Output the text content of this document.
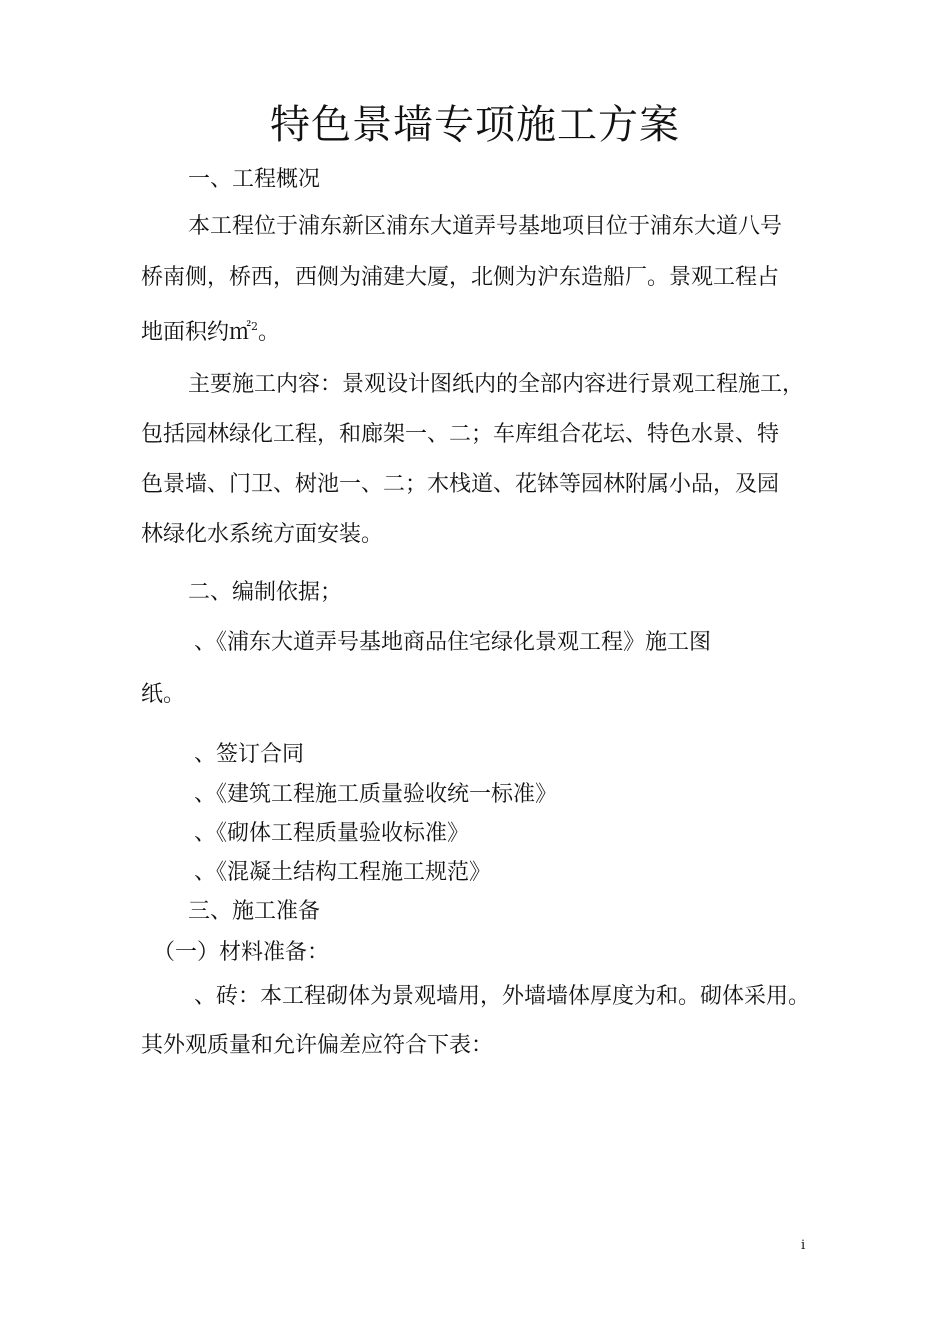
特色景墙专项施工方案
一、工程概况
本工程位于浦东新区浦东大道弄号基地项目位于浦东大道八号
桥南侧，桥西，西侧为浦建大厦，北侧为沪东造船厂。景观工程占
地面积约㎡$^2$。
主要施工内容：景观设计图纸内的全部内容进行景观工程施工，
包括园林绿化工程，和廊架一、二；车库组合花坛、特色水景、特
色景墙、门卫、树池一、二；木栈道、花钵等园林附属小品，及园
林绿化水系统方面安装。
二、编制依据；
、《浦东大道弄号基地商品住宅绿化景观工程》施工图
纸。
、签订合同
、《建筑工程施工质量验收统一标准》
、《砌体工程质量验收标准》
、《混凝土结构工程施工规范》
三、施工准备
（一）材料准备：
、砖：本工程砌体为景观墙用，外墙墙体厚度为和。砌体采用。
其外观质量和允许偏差应符合下表：
i
